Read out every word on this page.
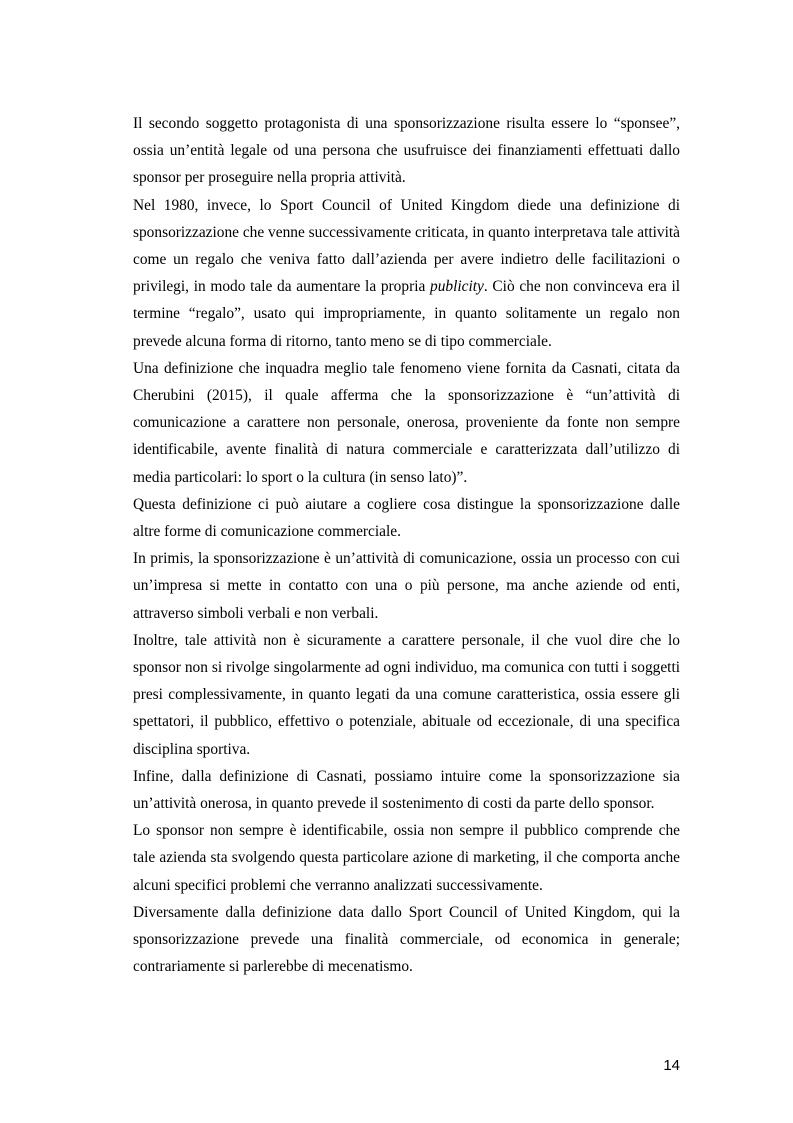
Il secondo soggetto protagonista di una sponsorizzazione risulta essere lo “sponsee”, ossia un’entità legale od una persona che usufruisce dei finanziamenti effettuati dallo sponsor per proseguire nella propria attività.

Nel 1980, invece, lo Sport Council of United Kingdom diede una definizione di sponsorizzazione che venne successivamente criticata, in quanto interpretava tale attività come un regalo che veniva fatto dall’azienda per avere indietro delle facilitazioni o privilegi, in modo tale da aumentare la propria publicity. Ciò che non convinceva era il termine “regalo”, usato qui impropriamente, in quanto solitamente un regalo non prevede alcuna forma di ritorno, tanto meno se di tipo commerciale.

Una definizione che inquadra meglio tale fenomeno viene fornita da Casnati, citata da Cherubini (2015), il quale afferma che la sponsorizzazione è “un’attività di comunicazione a carattere non personale, onerosa, proveniente da fonte non sempre identificabile, avente finalità di natura commerciale e caratterizzata dall’utilizzo di media particolari: lo sport o la cultura (in senso lato)”.

Questa definizione ci può aiutare a cogliere cosa distingue la sponsorizzazione dalle altre forme di comunicazione commerciale.

In primis, la sponsorizzazione è un’attività di comunicazione, ossia un processo con cui un’impresa si mette in contatto con una o più persone, ma anche aziende od enti, attraverso simboli verbali e non verbali.

Inoltre, tale attività non è sicuramente a carattere personale, il che vuol dire che lo sponsor non si rivolge singolarmente ad ogni individuo, ma comunica con tutti i soggetti presi complessivamente, in quanto legati da una comune caratteristica, ossia essere gli spettatori, il pubblico, effettivo o potenziale, abituale od eccezionale, di una specifica disciplina sportiva.

Infine, dalla definizione di Casnati, possiamo intuire come la sponsorizzazione sia un’attività onerosa, in quanto prevede il sostenimento di costi da parte dello sponsor.

Lo sponsor non sempre è identificabile, ossia non sempre il pubblico comprende che tale azienda sta svolgendo questa particolare azione di marketing, il che comporta anche alcuni specifici problemi che verranno analizzati successivamente.

Diversamente dalla definizione data dallo Sport Council of United Kingdom, qui la sponsorizzazione prevede una finalità commerciale, od economica in generale; contrariamente si parlerebbe di mecenatismo.

14
